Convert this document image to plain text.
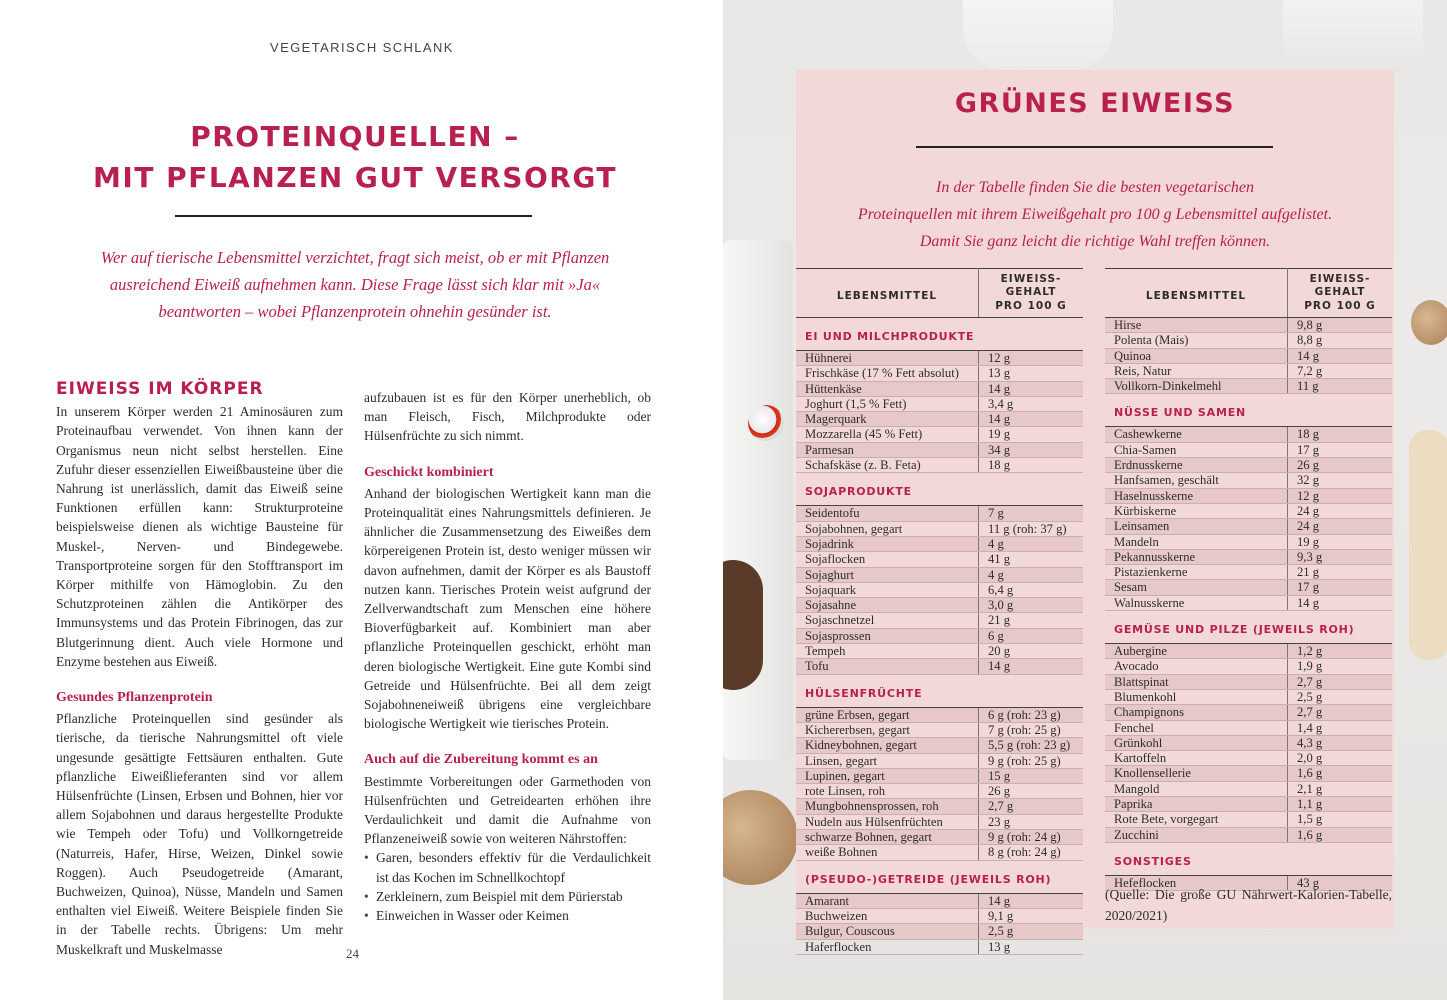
VEGETARISCH SCHLANK
PROTEINQUELLEN –
MIT PFLANZEN GUT VERSORGT
Wer auf tierische Lebensmittel verzichtet, fragt sich meist, ob er mit Pflanzen ausreichend Eiweiß aufnehmen kann. Diese Frage lässt sich klar mit »Ja« beantworten – wobei Pflanzenprotein ohnehin gesünder ist.

EIWEISS IM KÖRPER

In unserem Körper werden 21 Aminosäuren zum Proteinaufbau verwendet. Von ihnen kann der Organismus neun nicht selbst herstellen. Eine Zufuhr dieser essenziellen Eiweißbausteine über die Nahrung ist unerlässlich, damit das Eiweiß seine Funktionen erfüllen kann: Strukturproteine beispielsweise dienen als wichtige Bausteine für Muskel-, Nerven- und Bindegewebe. Transportproteine sorgen für den Stofftransport im Körper mithilfe von Hämoglobin. Zu den Schutzproteinen zählen die Antikörper des Immunsystems und das Protein Fibrinogen, das zur Blutgerinnung dient. Auch viele Hormone und Enzyme bestehen aus Eiweiß.

Gesundes Pflanzenprotein

Pflanzliche Proteinquellen sind gesünder als tierische, da tierische Nahrungsmittel oft viele ungesunde gesättigte Fettsäuren enthalten. Gute pflanzliche Eiweißlieferanten sind vor allem Hülsenfrüchte (Linsen, Erbsen und Bohnen, hier vor allem Sojabohnen und daraus hergestellte Produkte wie Tempeh oder Tofu) und Vollkorngetreide (Naturreis, Hafer, Hirse, Weizen, Dinkel sowie Roggen). Auch Pseudogetreide (Amarant, Buchweizen, Quinoa), Nüsse, Mandeln und Samen enthalten viel Eiweiß. Weitere Beispiele finden Sie in der Tabelle rechts. Übrigens: Um mehr Muskelkraft und Muskelmasse

aufzubauen ist es für den Körper unerheblich, ob man Fleisch, Fisch, Milchprodukte oder Hülsenfrüchte zu sich nimmt.

Geschickt kombiniert

Anhand der biologischen Wertigkeit kann man die Proteinqualität eines Nahrungsmittels definieren. Je ähnlicher die Zusammensetzung des Eiweißes dem körpereigenen Protein ist, desto weniger müssen wir davon aufnehmen, damit der Körper es als Baustoff nutzen kann. Tierisches Protein weist aufgrund der Zellverwandtschaft zum Menschen eine höhere Bioverfügbarkeit auf. Kombiniert man aber pflanzliche Proteinquellen geschickt, erhöht man deren biologische Wertigkeit. Eine gute Kombi sind Getreide und Hülsenfrüchte. Bei all dem zeigt Sojabohneneiweiß übrigens eine vergleichbare biologische Wertigkeit wie tierisches Protein.

Auch auf die Zubereitung kommt es an

Bestimmte Vorbereitungen oder Garmethoden von Hülsenfrüchten und Getreidearten erhöhen ihre Verdaulichkeit und damit die Aufnahme von Pflanzeneiweiß sowie von weiteren Nährstoffen:

• Garen, besonders effektiv für die Verdaulichkeit ist das Kochen im Schnellkochtopf
• Zerkleinern, zum Beispiel mit dem Pürierstab
• Einweichen in Wasser oder Keimen
24
GRÜNES EIWEISS
In der Tabelle finden Sie die besten vegetarischen
Proteinquellen mit ihrem Eiweißgehalt pro 100 g Lebensmittel aufgelistet.
Damit Sie ganz leicht die richtige Wahl treffen können.
LEBENSMITTEL	EIWEISS-
GEHALT
PRO 100 G

EI UND MILCHPRODUKTE	
Hühnerei	12 g
Frischkäse (17 % Fett absolut)	13 g
Hüttenkäse	14 g
Joghurt (1,5 % Fett)	3,4 g
Magerquark	14 g
Mozzarella (45 % Fett)	19 g
Parmesan	34 g
Schafskäse (z. B. Feta)	18 g
SOJAPRODUKTE	
Seidentofu	7 g
Sojabohnen, gegart	11 g (roh: 37 g)
Sojadrink	4 g
Sojaflocken	41 g
Sojaghurt	4 g
Sojaquark	6,4 g
Sojasahne	3,0 g
Sojaschnetzel	21 g
Sojasprossen	6 g
Tempeh	20 g
Tofu	14 g
HÜLSENFRÜCHTE	
grüne Erbsen, gegart	6 g (roh: 23 g)
Kichererbsen, gegart	7 g (roh: 25 g)
Kidneybohnen, gegart	5,5 g (roh: 23 g)
Linsen, gegart	9 g (roh: 25 g)
Lupinen, gegart	15 g
rote Linsen, roh	26 g
Mungbohnensprossen, roh	2,7 g
Nudeln aus Hülsenfrüchten	23 g
schwarze Bohnen, gegart	9 g (roh: 24 g)
weiße Bohnen	8 g (roh: 24 g)
(PSEUDO-)GETREIDE (JEWEILS ROH)	
Amarant	14 g
Buchweizen	9,1 g
Bulgur, Couscous	2,5 g
Haferflocken	13 g
LEBENSMITTEL	EIWEISS-
GEHALT
PRO 100 G

Hirse	9,8 g
Polenta (Mais)	8,8 g
Quinoa	14 g
Reis, Natur	7,2 g
Vollkorn-Dinkelmehl	11 g
NÜSSE UND SAMEN	
Cashewkerne	18 g
Chia-Samen	17 g
Erdnusskerne	26 g
Hanfsamen, geschält	32 g
Haselnusskerne	12 g
Kürbiskerne	24 g
Leinsamen	24 g
Mandeln	19 g
Pekannusskerne	9,3 g
Pistazienkerne	21 g
Sesam	17 g
Walnusskerne	14 g
GEMÜSE UND PILZE (JEWEILS ROH)	
Aubergine	1,2 g
Avocado	1,9 g
Blattspinat	2,7 g
Blumenkohl	2,5 g
Champignons	2,7 g
Fenchel	1,4 g
Grünkohl	4,3 g
Kartoffeln	2,0 g
Knollensellerie	1,6 g
Mangold	2,1 g
Paprika	1,1 g
Rote Bete, vorgegart	1,5 g
Zucchini	1,6 g
SONSTIGES	
Hefeflocken	43 g
(Quelle: Die große GU Nährwert-Kalorien-Tabelle, 2020/2021)
